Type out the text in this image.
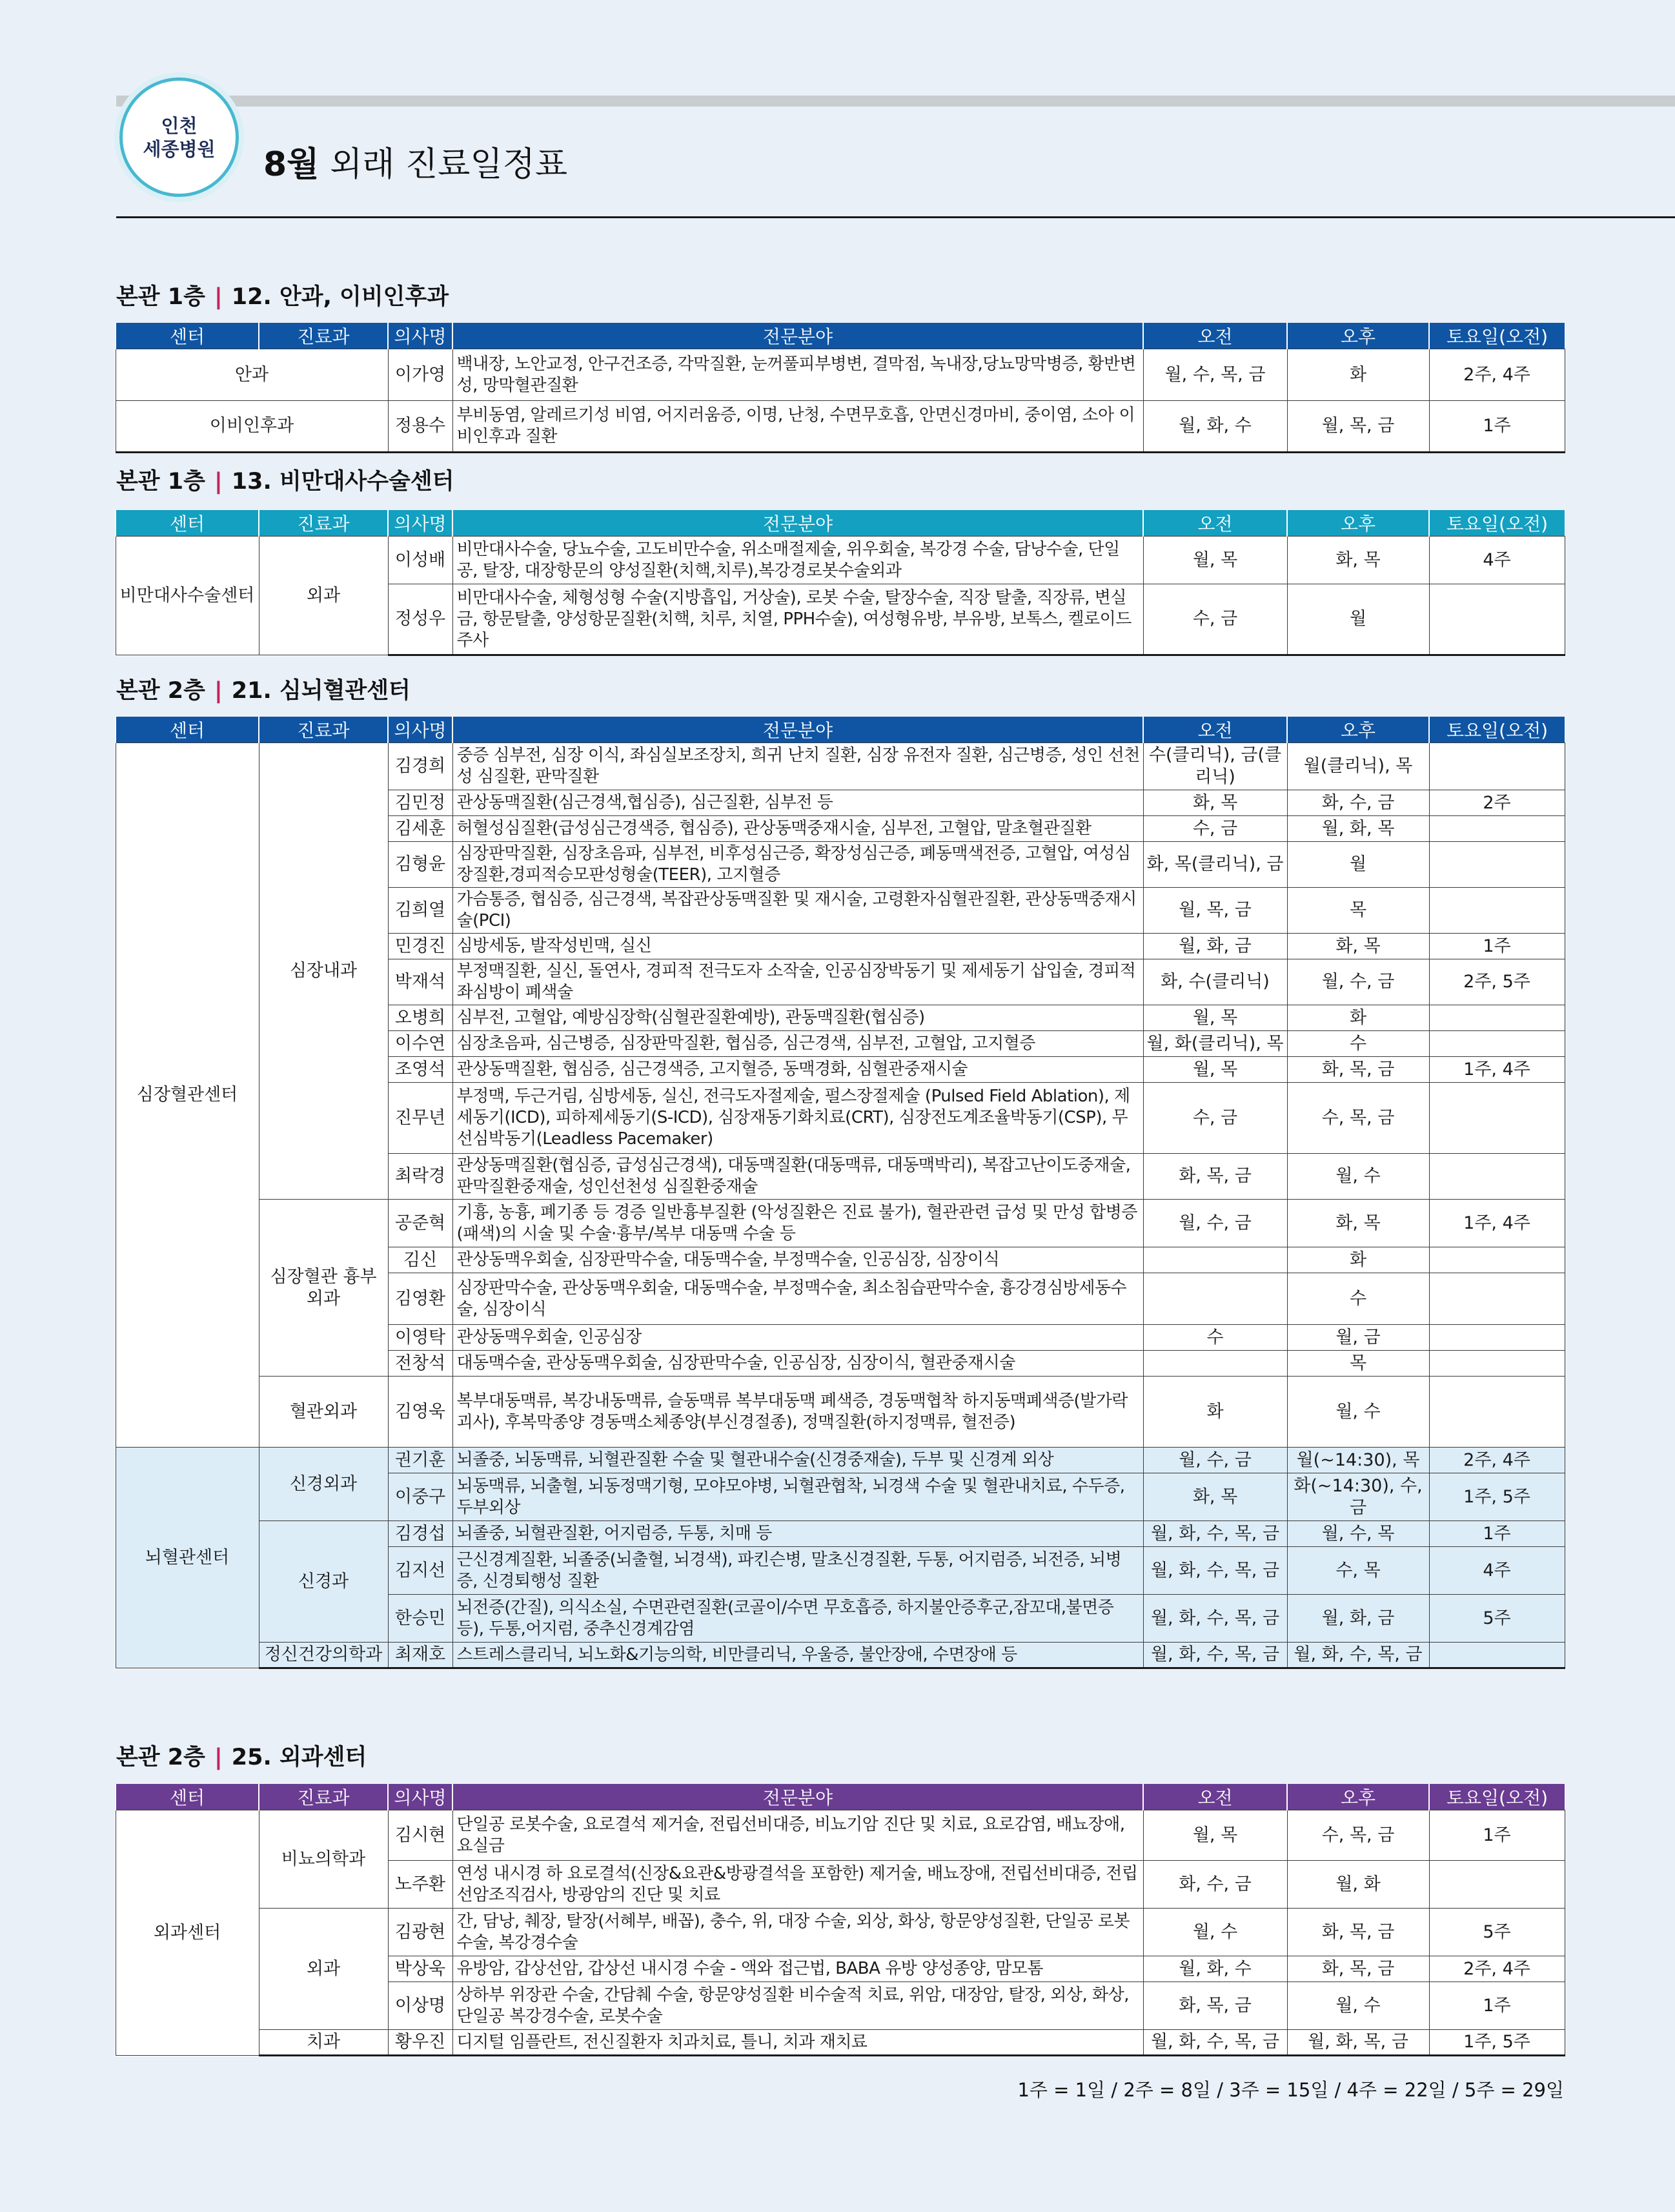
인천
세종병원 8월 외래 진료일정표
본관 1층 | 12. 안과, 이비인후과
센터	진료과	의사명	전문분야	오전	오후	토요일(오전)
안과		이가영	백내장, 노안교정, 안구건조증, 각막질환, 눈꺼풀피부병변, 결막점, 녹내장,당뇨망막병증, 황반변성, 망막혈관질환	월, 수, 목, 금	화	2주, 4주
이비인후과		정용수	부비동염, 알레르기성 비염, 어지러움증, 이명, 난청, 수면무호흡, 안면신경마비, 중이염, 소아 이비인후과 질환	월, 화, 수	월, 목, 금	1주
본관 1층 | 13. 비만대사수술센터
센터	진료과	의사명	전문분야	오전	오후	토요일(오전)
비만대사수술센터	외과	이성배	비만대사수술, 당뇨수술, 고도비만수술, 위소매절제술, 위우회술, 복강경 수술, 담낭수술, 단일공, 탈장, 대장항문의 양성질환(치핵,치루),복강경로봇수술외과	월, 목	화, 목	4주
		정성우	비만대사수술, 체형성형 수술(지방흡입, 거상술), 로봇 수술, 탈장수술, 직장 탈출, 직장류, 변실금, 항문탈출, 양성항문질환(치핵, 치루, 치열, PPH수술), 여성형유방, 부유방, 보톡스, 켈로이드 주사	수, 금	월	
본관 2층 | 21. 심뇌혈관센터
센터	진료과	의사명	전문분야	오전	오후	토요일(오전)
심장혈관센터	심장내과	김경희	중증 심부전, 심장 이식, 좌심실보조장치, 희귀 난치 질환, 심장 유전자 질환, 심근병증, 성인 선천성 심질환, 판막질환	수(클리닉), 금(클리닉)	월(클리닉), 목	
		김민정	관상동맥질환(심근경색,협심증), 심근질환, 심부전 등	화, 목	화, 수, 금	2주
		김세훈	허혈성심질환(급성심근경색증, 협심증), 관상동맥중재시술, 심부전, 고혈압, 말초혈관질환	수, 금	월, 화, 목	
		김형윤	심장판막질환, 심장초음파, 심부전, 비후성심근증, 확장성심근증, 폐동맥색전증, 고혈압, 여성심장질환,경피적승모판성형술(TEER), 고지혈증	화, 목(클리닉), 금	월	
		김희열	가슴통증, 협심증, 심근경색, 복잡관상동맥질환 및 재시술, 고령환자심혈관질환, 관상동맥중재시술(PCI)	월, 목, 금	목	
		민경진	심방세동, 발작성빈맥, 실신	월, 화, 금	화, 목	1주
		박재석	부정맥질환, 실신, 돌연사, 경피적 전극도자 소작술, 인공심장박동기 및 제세동기 삽입술, 경피적 좌심방이 폐색술	화, 수(클리닉)	월, 수, 금	2주, 5주
		오병희	심부전, 고혈압, 예방심장학(심혈관질환예방), 관동맥질환(협심증)	월, 목	화	
		이수연	심장초음파, 심근병증, 심장판막질환, 협심증, 심근경색, 심부전, 고혈압, 고지혈증	월, 화(클리닉), 목	수	
		조영석	관상동맥질환, 협심증, 심근경색증, 고지혈증, 동맥경화, 심혈관중재시술	월, 목	화, 목, 금	1주, 4주
		진무년	부정맥, 두근거림, 심방세동, 실신, 전극도자절제술, 펄스장절제술 (Pulsed Field Ablation), 제세동기(ICD), 피하제세동기(S-ICD), 심장재동기화치료(CRT), 심장전도계조율박동기(CSP), 무선심박동기(Leadless Pacemaker)	수, 금	수, 목, 금	
		최락경	관상동맥질환(협심증, 급성심근경색), 대동맥질환(대동맥류, 대동맥박리), 복잡고난이도중재술, 판막질환중재술, 성인선천성 심질환중재술	화, 목, 금	월, 수	
	심장혈관 흉부외과	공준혁	기흉, 농흉, 폐기종 등 경증 일반흉부질환 (악성질환은 진료 불가), 혈관관련 급성 및 만성 합병증(패색)의 시술 및 수술·흉부/복부 대동맥 수술 등	월, 수, 금	화, 목	1주, 4주
		김신	관상동맥우회술, 심장판막수술, 대동맥수술, 부정맥수술, 인공심장, 심장이식		화	
		김영환	심장판막수술, 관상동맥우회술, 대동맥수술, 부정맥수술, 최소침습판막수술, 흉강경심방세동수술, 심장이식		수	
		이영탁	관상동맥우회술, 인공심장	수	월, 금	
		전창석	대동맥수술, 관상동맥우회술, 심장판막수술, 인공심장, 심장이식, 혈관중재시술		목	
	혈관외과	김영욱	복부대동맥류, 복강내동맥류, 슬동맥류 복부대동맥 폐색증, 경동맥협착 하지동맥폐색증(발가락괴사), 후복막종양 경동맥소체종양(부신경절종), 정맥질환(하지정맥류, 혈전증)	화	월, 수	
뇌혈관센터	신경외과	권기훈	뇌졸중, 뇌동맥류, 뇌혈관질환 수술 및 혈관내수술(신경중재술), 두부 및 신경계 외상	월, 수, 금	월(~14:30), 목	2주, 4주
		이중구	뇌동맥류, 뇌출혈, 뇌동정맥기형, 모야모야병, 뇌혈관협착, 뇌경색 수술 및 혈관내치료, 수두증, 두부외상	화, 목	화(~14:30), 수, 금	1주, 5주
	신경과	김경섭	뇌졸중, 뇌혈관질환, 어지럼증, 두통, 치매 등	월, 화, 수, 목, 금	월, 수, 목	1주
		김지선	근신경계질환, 뇌졸중(뇌출혈, 뇌경색), 파킨슨병, 말초신경질환, 두통, 어지럼증, 뇌전증, 뇌병증, 신경퇴행성 질환	월, 화, 수, 목, 금	수, 목	4주
		한승민	뇌전증(간질), 의식소실, 수면관련질환(코골이/수면 무호흡증, 하지불안증후군,잠꼬대,불면증 등), 두통,어지럼, 중추신경계감염	월, 화, 수, 목, 금	월, 화, 금	5주
	정신건강의학과	최재호	스트레스클리닉, 뇌노화&기능의학, 비만클리닉, 우울증, 불안장애, 수면장애 등	월, 화, 수, 목, 금	월, 화, 수, 목, 금	
본관 2층 | 25. 외과센터
센터	진료과	의사명	전문분야	오전	오후	토요일(오전)
외과센터	비뇨의학과	김시현	단일공 로봇수술, 요로결석 제거술, 전립선비대증, 비뇨기암 진단 및 치료, 요로감염, 배뇨장애, 요실금	월, 목	수, 목, 금	1주
		노주환	연성 내시경 하 요로결석(신장&요관&방광결석을 포함한) 제거술, 배뇨장애, 전립선비대증, 전립선암조직검사, 방광암의 진단 및 치료	화, 수, 금	월, 화	
	외과	김광현	간, 담낭, 췌장, 탈장(서혜부, 배꼽), 충수, 위, 대장 수술, 외상, 화상, 항문양성질환, 단일공 로봇수술, 복강경수술	월, 수	화, 목, 금	5주
		박상욱	유방암, 갑상선암, 갑상선 내시경 수술 - 액와 접근법, BABA 유방 양성종양, 맘모톰	월, 화, 수	화, 목, 금	2주, 4주
		이상명	상하부 위장관 수술, 간담췌 수술, 항문양성질환 비수술적 치료, 위암, 대장암, 탈장, 외상, 화상, 단일공 복강경수술, 로봇수술	화, 목, 금	월, 수	1주
	치과	황우진	디지털 임플란트, 전신질환자 치과치료, 틀니, 치과 재치료	월, 화, 수, 목, 금	월, 화, 목, 금	1주, 5주
1주 = 1일 / 2주 = 8일 / 3주 = 15일 / 4주 = 22일 / 5주 = 29일
